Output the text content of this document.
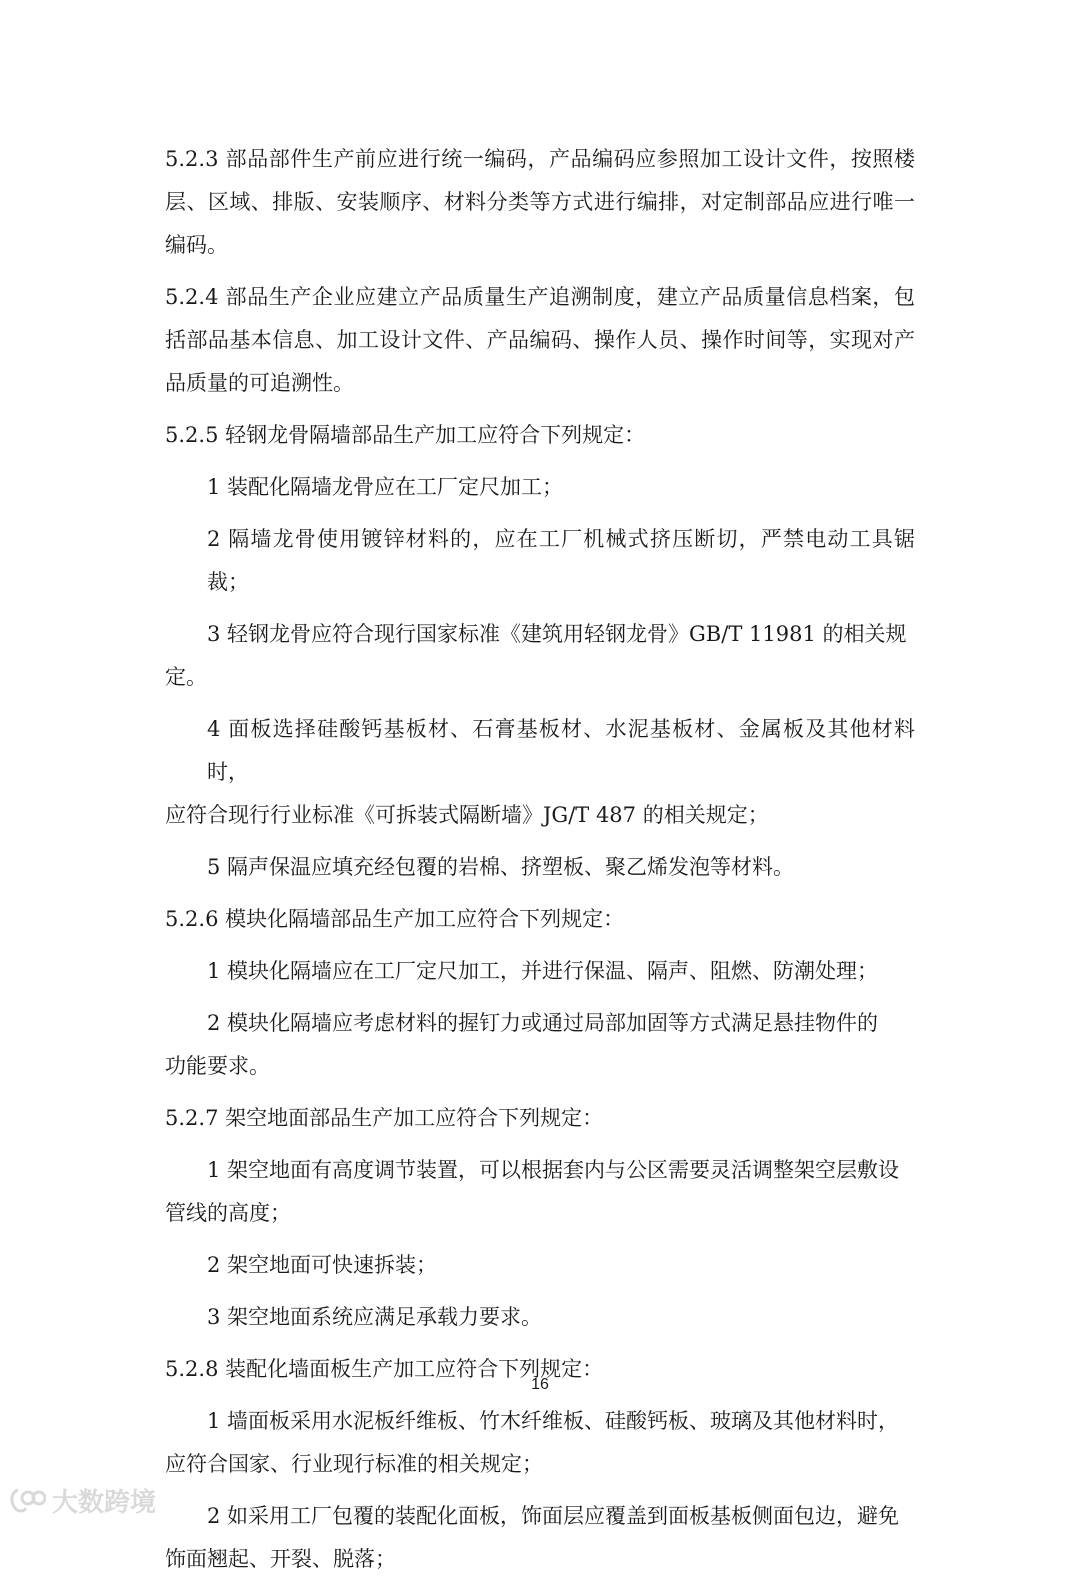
5.2.3 部品部件生产前应进行统一编码，产品编码应参照加工设计文件，按照楼层、区域、排版、安装顺序、材料分类等方式进行编排，对定制部品应进行唯一编码。
5.2.4 部品生产企业应建立产品质量生产追溯制度，建立产品质量信息档案，包括部品基本信息、加工设计文件、产品编码、操作人员、操作时间等，实现对产品质量的可追溯性。
5.2.5 轻钢龙骨隔墙部品生产加工应符合下列规定：
1 装配化隔墙龙骨应在工厂定尺加工；
2 隔墙龙骨使用镀锌材料的，应在工厂机械式挤压断切，严禁电动工具锯裁；
3 轻钢龙骨应符合现行国家标准《建筑用轻钢龙骨》GB/T 11981 的相关规
定。
4 面板选择硅酸钙基板材、石膏基板材、水泥基板材、金属板及其他材料时，
应符合现行行业标准《可拆装式隔断墙》JG/T 487 的相关规定；
5 隔声保温应填充经包覆的岩棉、挤塑板、聚乙烯发泡等材料。
5.2.6 模块化隔墙部品生产加工应符合下列规定：
1 模块化隔墙应在工厂定尺加工，并进行保温、隔声、阻燃、防潮处理；
2 模块化隔墙应考虑材料的握钉力或通过局部加固等方式满足悬挂物件的
功能要求。
5.2.7 架空地面部品生产加工应符合下列规定：
1 架空地面有高度调节装置，可以根据套内与公区需要灵活调整架空层敷设
管线的高度；
2 架空地面可快速拆装；
3 架空地面系统应满足承载力要求。
5.2.8 装配化墙面板生产加工应符合下列规定：
1 墙面板采用水泥板纤维板、竹木纤维板、硅酸钙板、玻璃及其他材料时，
应符合国家、行业现行标准的相关规定；
2 如采用工厂包覆的装配化面板，饰面层应覆盖到面板基板侧面包边，避免
饰面翘起、开裂、脱落；
16
大数跨境
